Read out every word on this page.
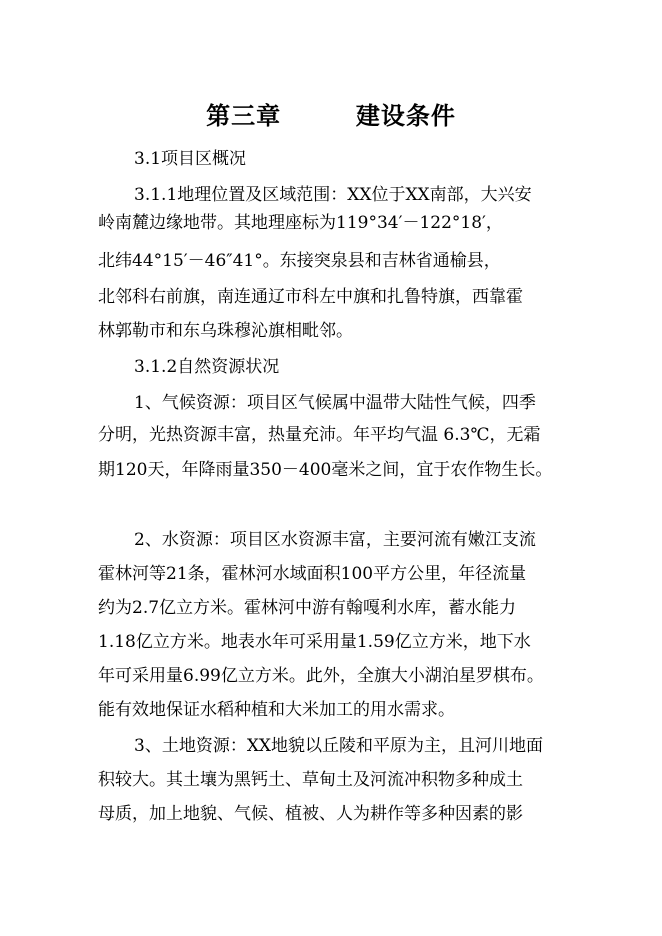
第三章        建设条件
3.1项目区概况
3.1.1地理位置及区域范围：XX位于XX南部，大兴安
岭南麓边缘地带。其地理座标为119°34′－122°18′，
北纬44°15′－46″41°。东接突泉县和吉林省通榆县，
北邻科右前旗，南连通辽市科左中旗和扎鲁特旗，西靠霍
林郭勒市和东乌珠穆沁旗相毗邻。
3.1.2自然资源状况
1、气候资源：项目区气候属中温带大陆性气候，四季
分明，光热资源丰富，热量充沛。年平均气温 6.3℃，无霜
期120天，年降雨量350－400毫米之间，宜于农作物生长。
2、水资源：项目区水资源丰富，主要河流有嫩江支流
霍林河等21条，霍林河水域面积100平方公里，年径流量
约为2.7亿立方米。霍林河中游有翰嘎利水库，蓄水能力
1.18亿立方米。地表水年可采用量1.59亿立方米，地下水
年可采用量6.99亿立方米。此外，全旗大小湖泊星罗棋布。
能有效地保证水稻种植和大米加工的用水需求。
3、土地资源：XX地貌以丘陵和平原为主，且河川地面
积较大。其土壤为黑钙土、草甸土及河流冲积物多种成土
母质，加上地貌、气候、植被、人为耕作等多种因素的影
